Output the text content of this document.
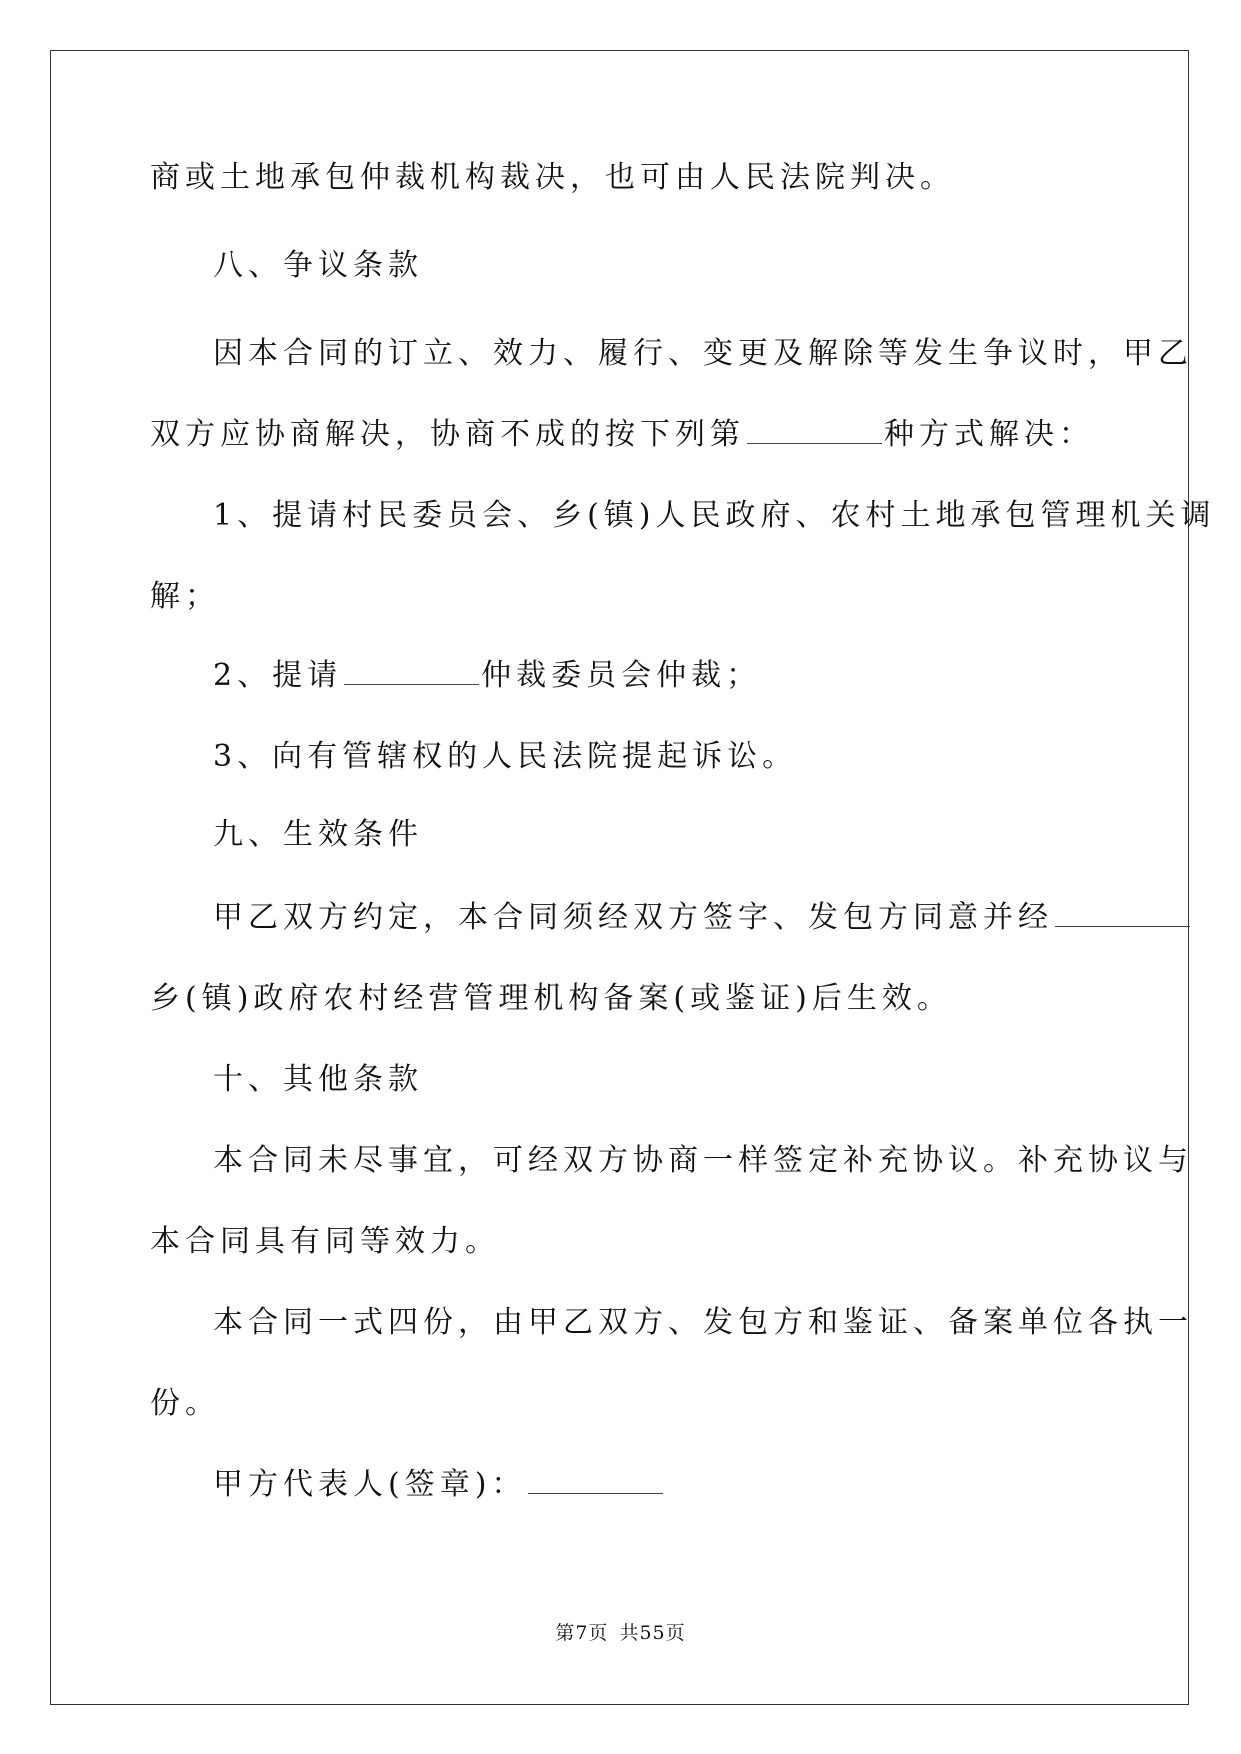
商或土地承包仲裁机构裁决，也可由人民法院判决。
八、争议条款
因本合同的订立、效力、履行、变更及解除等发生争议时，甲乙
双方应协商解决，协商不成的按下列第	种方式解决：
1、提请村民委员会、乡(镇)人民政府、农村土地承包管理机关调
解；
2、提请	仲裁委员会仲裁；
3、向有管辖权的人民法院提起诉讼。
九、生效条件
甲乙双方约定，本合同须经双方签字、发包方同意并经
乡(镇)政府农村经营管理机构备案(或鉴证)后生效。
十、其他条款
本合同未尽事宜，可经双方协商一样签定补充协议。补充协议与
本合同具有同等效力。
本合同一式四份，由甲乙双方、发包方和鉴证、备案单位各执一
份。
甲方代表人(签章)：
第7页 共55页
